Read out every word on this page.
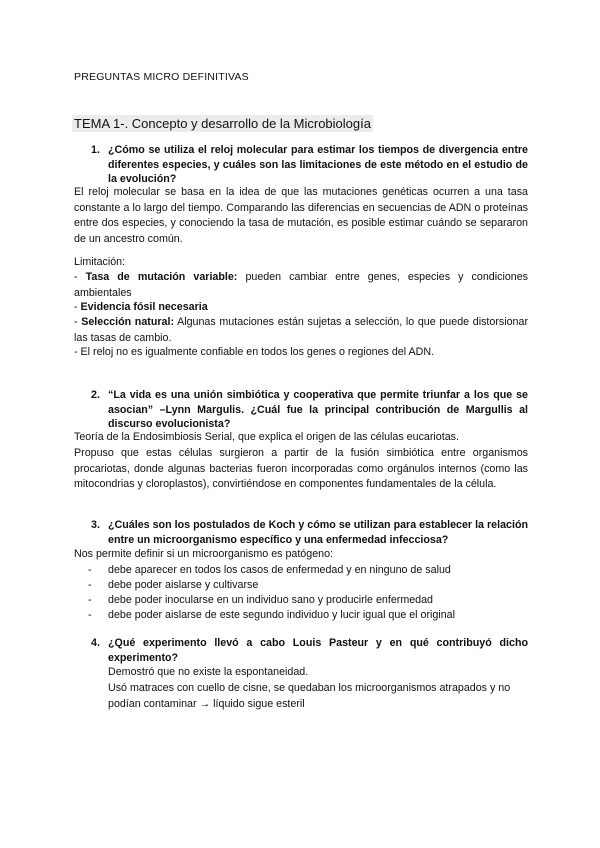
PREGUNTAS MICRO DEFINITIVAS
TEMA 1-. Concepto y desarrollo de la Microbiología
1. ¿Cómo se utiliza el reloj molecular para estimar los tiempos de divergencia entre diferentes especies, y cuáles son las limitaciones de este método en el estudio de la evolución?

El reloj molecular se basa en la idea de que las mutaciones genéticas ocurren a una tasa constante a lo largo del tiempo. Comparando las diferencias en secuencias de ADN o proteínas entre dos especies, y conociendo la tasa de mutación, es posible estimar cuándo se separaron de un ancestro común.

Limitación:
- Tasa de mutación variable: pueden cambiar entre genes, especies y condiciones ambientales
- Evidencia fósil necesaria
- Selección natural: Algunas mutaciones están sujetas a selección, lo que puede distorsionar las tasas de cambio.
- El reloj no es igualmente confiable en todos los genes o regiones del ADN.
2. “La vida es una unión simbiótica y cooperativa que permite triunfar a los que se asocian” –Lynn Margulis. ¿Cuál fue la principal contribución de Margullis al discurso evolucionista?

Teoría de la Endosimbiosis Serial, que explica el origen de las células eucariotas.

Propuso que estas células surgieron a partir de la fusión simbiótica entre organismos procariotas, donde algunas bacterias fueron incorporadas como orgánulos internos (como las mitocondrias y cloroplastos), convirtiéndose en componentes fundamentales de la célula.

3. ¿Cuáles son los postulados de Koch y cómo se utilizan para establecer la relación entre un microorganismo específico y una enfermedad infecciosa?
Nos permite definir si un microorganismo es patógeno:
- debe aparecer en todos los casos de enfermedad y en ninguno de salud
- debe poder aislarse y cultivarse
- debe poder inocularse en un individuo sano y producirle enfermedad
- debe poder aislarse de este segundo individuo y lucir igual que el original
4. ¿Qué experimento llevó a cabo Louis Pasteur y en qué contribuyó dicho experimento?
Demostró que no existe la espontaneidad.
Usó matraces con cuello de cisne, se quedaban los microorganismos atrapados y no podían contaminar → líquido sigue esteril
